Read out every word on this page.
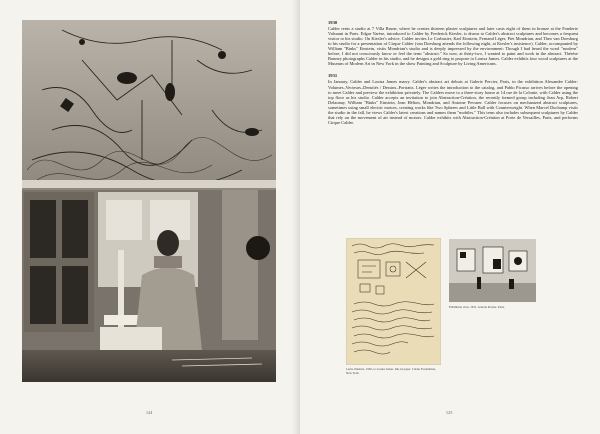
124
1930

Calder rents a studio at 7 Villa Brune, where he creates thirteen plaster sculptures and later casts eight of them in bronze at the Fonderie Valsuani in Paris. Edgar Varèse, introduced to Calder by Frederick Kiesler, is drawn to Calder's abstract sculptures and becomes a frequent visitor to his studio. On Kiesler's advice, Calder invites Le Corbusier, Karl Einstein, Fernand Léger, Piet Mondrian, and Theo van Doesburg to his studio for a presentation of Cirque Calder (van Doesburg attends the following night, at Kiesler's insistence). Calder, accompanied by William "Binks" Einstein, visits Mondrian's studio and is deeply impressed by the environment: Though I had heard the word "modern" before, I did not consciously know or feel the term "abstract." So now, at thirty-two, I wanted to paint and work in the abstract. Thérèse Bonney photographs Calder in his studio, and he designs a gold ring to propose to Louisa James. Calder exhibits four wood sculptures at the Museum of Modern Art in New York in the show Painting and Sculpture by Living Americans.

1931

In January, Calder and Louisa James marry. Calder's abstract art debuts at Galerie Percier, Paris, in the exhibition Alexandre Calder: Volumes–Vecteurs–Densités / Dessins–Portraits. Léger writes the introduction to the catalog, and Pablo Picasso arrives before the opening to meet Calder and preview the exhibition privately. The Calders move to a three-story house at 14 rue de la Colonie, with Calder using the top floor as his studio. Calder accepts an invitation to join Abstraction-Création, the recently formed group including Jean Arp, Robert Delaunay, William "Binks" Einstein, Jean Hélion, Mondrian, and Antoine Pevsner. Calder focuses on mechanized abstract sculptures, sometimes using small electric motors, creating works like Two Spheres and Little Ball with Counterweight. When Marcel Duchamp visits the studio in the fall, he views Calder's latest creations and names them "mobiles." This term also includes subsequent sculptures by Calder that rely on the movement of air instead of motors. Calder exhibits with Abstraction-Création at Porte de Versailles, Paris, and performs Cirque Calder.

Lettre illustrée, 1930, to Louisa James. Ink on paper. Calder Foundation, New York.
Exhibition view, 1931. Galerie Percier, Paris.
125
